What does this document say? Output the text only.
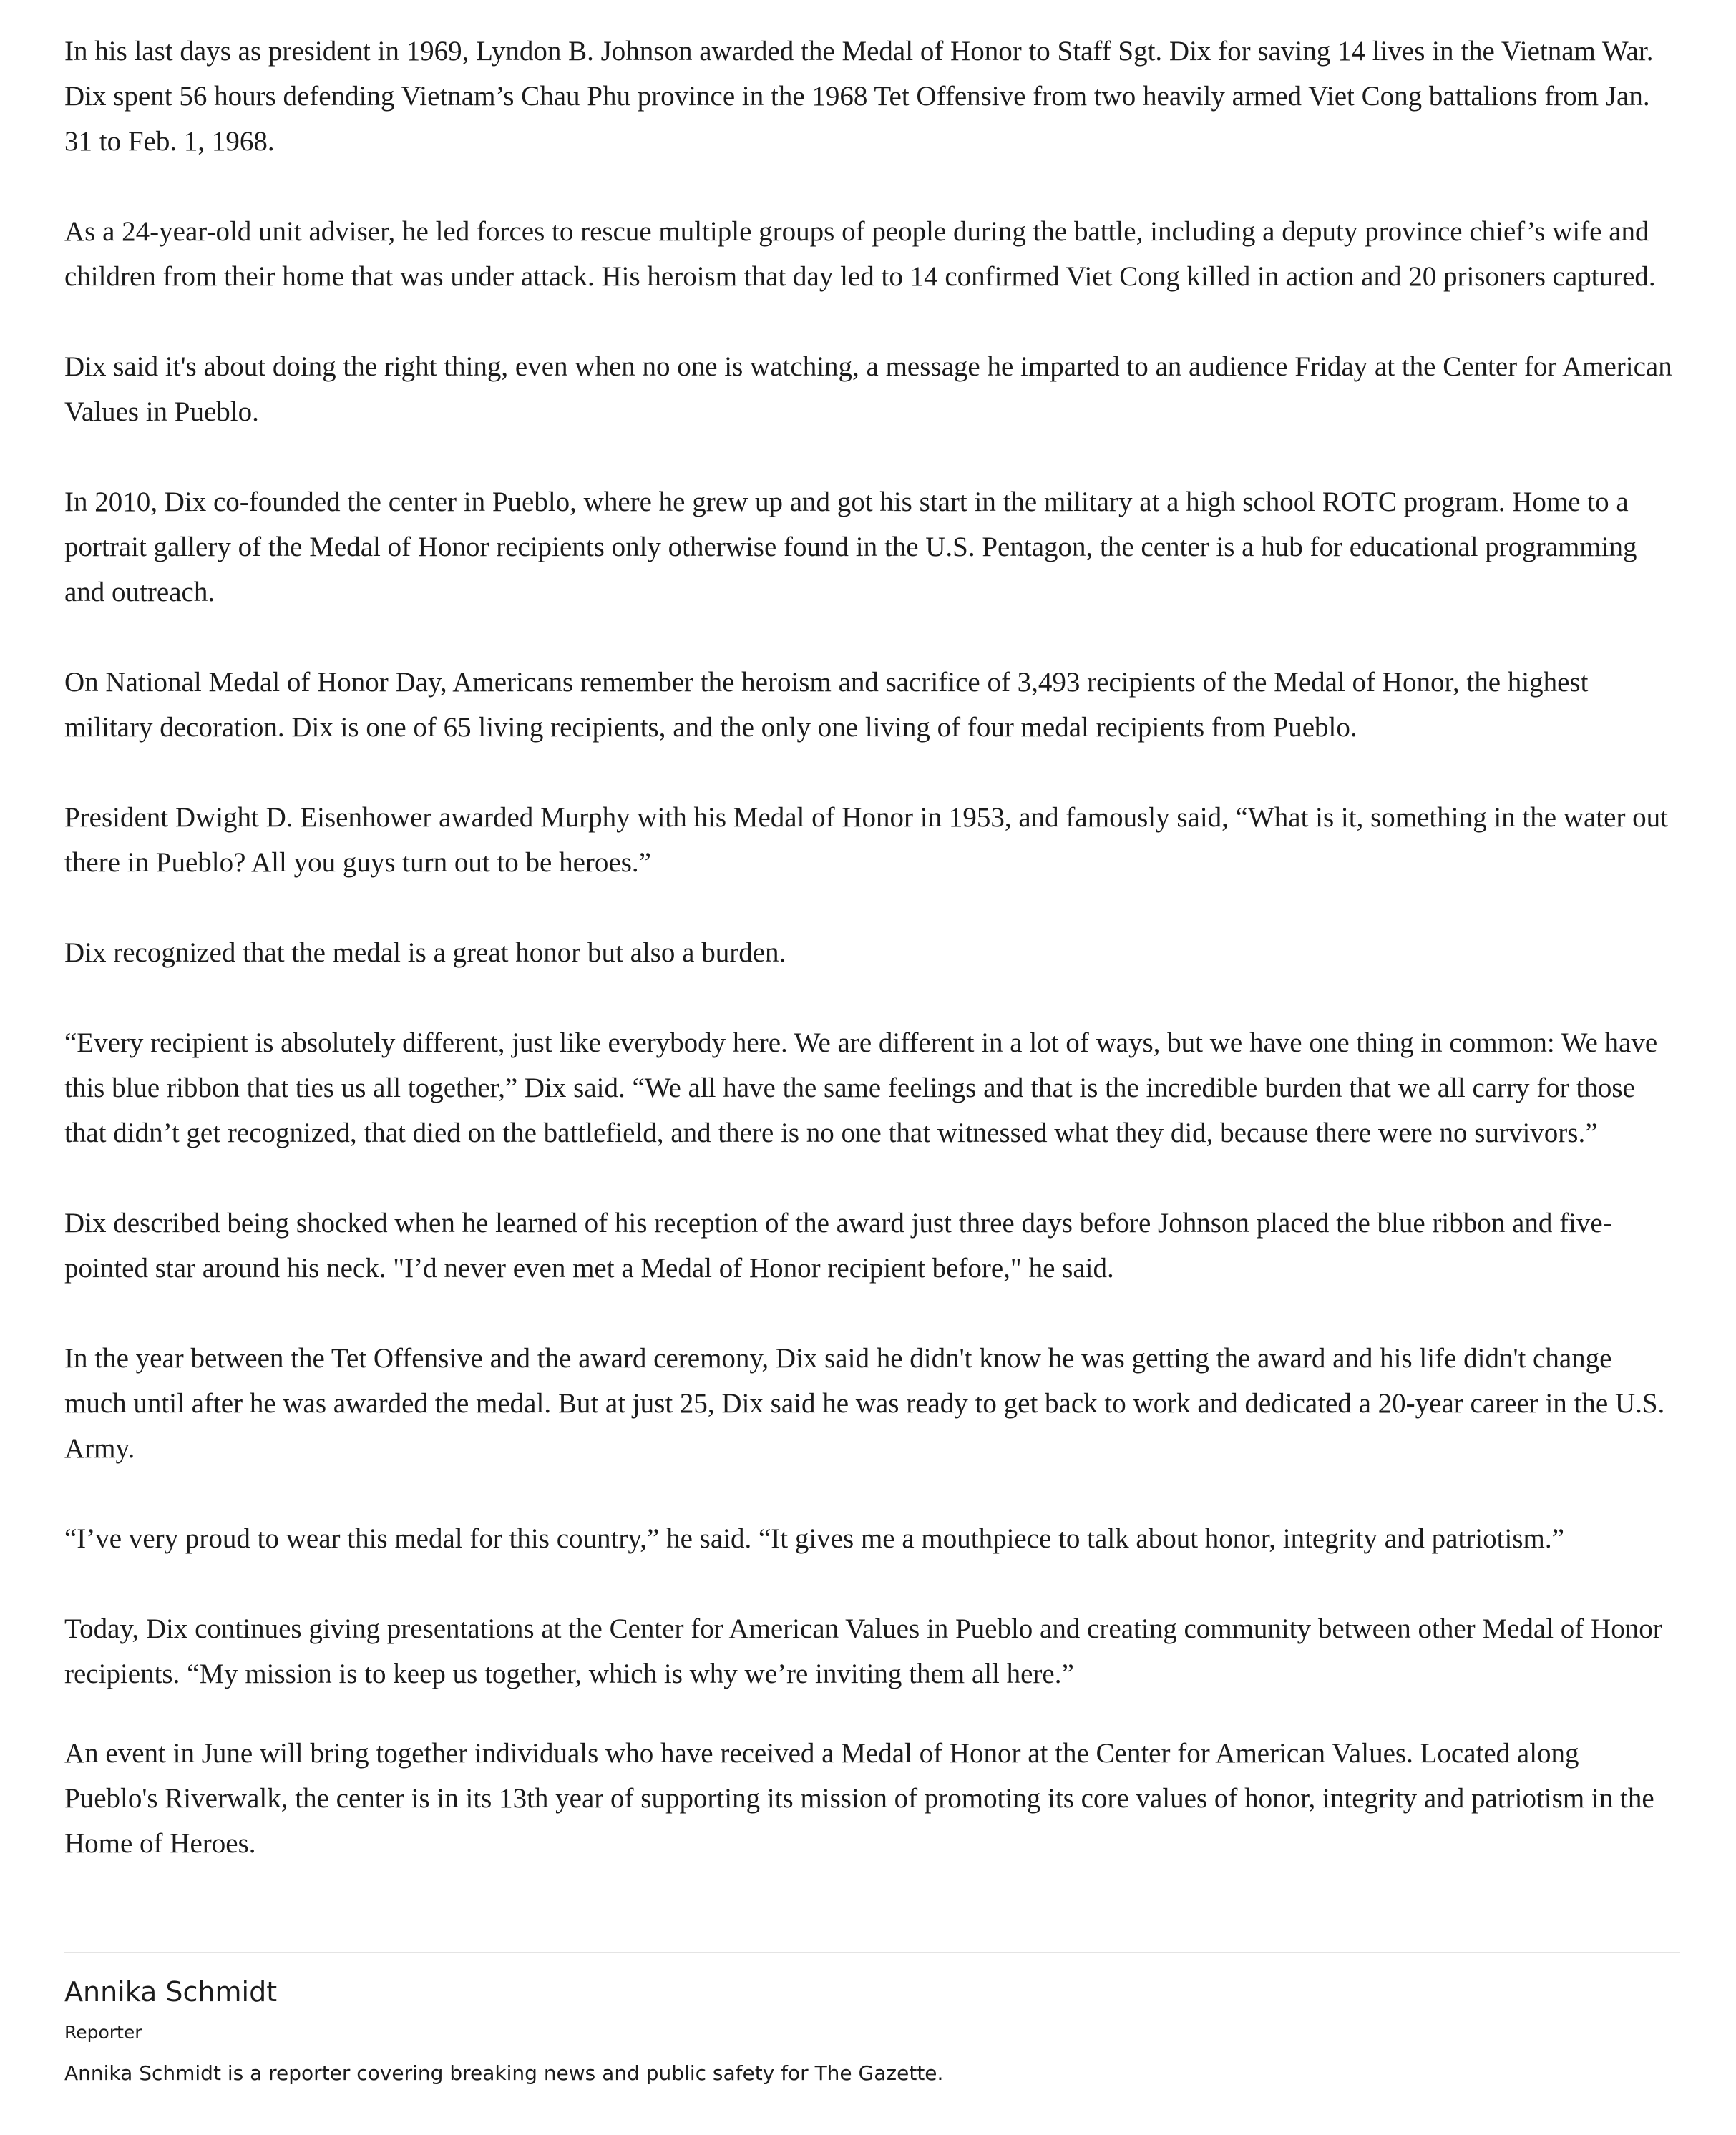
In his last days as president in 1969, Lyndon B. Johnson awarded the Medal of Honor to Staff Sgt. Dix for saving 14 lives in the Vietnam War. Dix spent 56 hours defending Vietnam’s Chau Phu province in the 1968 Tet Offensive from two heavily armed Viet Cong battalions from Jan. 31 to Feb. 1, 1968.

As a 24-year-old unit adviser, he led forces to rescue multiple groups of people during the battle, including a deputy province chief’s wife and children from their home that was under attack. His heroism that day led to 14 confirmed Viet Cong killed in action and 20 prisoners captured.

Dix said it's about doing the right thing, even when no one is watching, a message he imparted to an audience Friday at the Center for American Values in Pueblo.

In 2010, Dix co-founded the center in Pueblo, where he grew up and got his start in the military at a high school ROTC program. Home to a portrait gallery of the Medal of Honor recipients only otherwise found in the U.S. Pentagon, the center is a hub for educational programming and outreach.

On National Medal of Honor Day, Americans remember the heroism and sacrifice of 3,493 recipients of the Medal of Honor, the highest military decoration. Dix is one of 65 living recipients, and the only one living of four medal recipients from Pueblo.

President Dwight D. Eisenhower awarded Murphy with his Medal of Honor in 1953, and famously said, “What is it, something in the water out there in Pueblo? All you guys turn out to be heroes.”

Dix recognized that the medal is a great honor but also a burden.

“Every recipient is absolutely different, just like everybody here. We are different in a lot of ways, but we have one thing in common: We have this blue ribbon that ties us all together,” Dix said. “We all have the same feelings and that is the incredible burden that we all carry for those that didn’t get recognized, that died on the battlefield, and there is no one that witnessed what they did, because there were no survivors.”

Dix described being shocked when he learned of his reception of the award just three days before Johnson placed the blue ribbon and five-pointed star around his neck. "I’d never even met a Medal of Honor recipient before," he said.

In the year between the Tet Offensive and the award ceremony, Dix said he didn't know he was getting the award and his life didn't change much until after he was awarded the medal. But at just 25, Dix said he was ready to get back to work and dedicated a 20-year career in the U.S. Army.

“I’ve very proud to wear this medal for this country,” he said. “It gives me a mouthpiece to talk about honor, integrity and patriotism.”

Today, Dix continues giving presentations at the Center for American Values in Pueblo and creating community between other Medal of Honor recipients. “My mission is to keep us together, which is why we’re inviting them all here.”

An event in June will bring together individuals who have received a Medal of Honor at the Center for American Values. Located along Pueblo's Riverwalk, the center is in its 13th year of supporting its mission of promoting its core values of honor, integrity and patriotism in the Home of Heroes.

Annika Schmidt

Reporter

Annika Schmidt is a reporter covering breaking news and public safety for The Gazette.
